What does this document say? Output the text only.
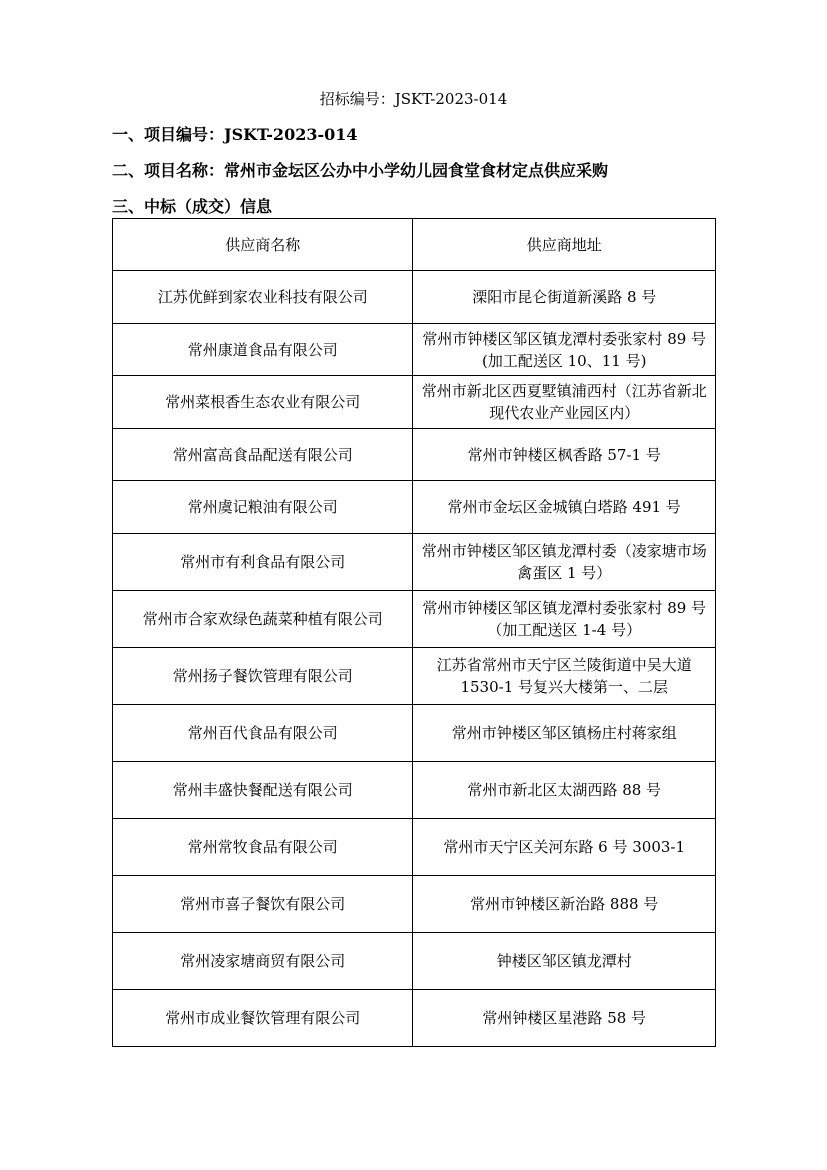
招标编号：JSKT-2023-014
一、项目编号：JSKT-2023-014
二、项目名称：常州市金坛区公办中小学幼儿园食堂食材定点供应采购
三、中标（成交）信息
供应商名称	供应商地址
江苏优鲜到家农业科技有限公司	溧阳市昆仑街道新溪路 8 号
常州康道食品有限公司	常州市钟楼区邹区镇龙潭村委张家村 89 号(加工配送区 10、11 号)
常州菜根香生态农业有限公司	常州市新北区西夏墅镇浦西村（江苏省新北现代农业产业园区内）
常州富高食品配送有限公司	常州市钟楼区枫香路 57-1 号
常州虞记粮油有限公司	常州市金坛区金城镇白塔路 491 号
常州市有利食品有限公司	常州市钟楼区邹区镇龙潭村委（凌家塘市场禽蛋区 1 号）
常州市合家欢绿色蔬菜种植有限公司	常州市钟楼区邹区镇龙潭村委张家村 89 号（加工配送区 1-4 号）
常州扬子餐饮管理有限公司	江苏省常州市天宁区兰陵街道中吴大道 1530-1 号复兴大楼第一、二层
常州百代食品有限公司	常州市钟楼区邹区镇杨庄村蒋家组
常州丰盛快餐配送有限公司	常州市新北区太湖西路 88 号
常州常牧食品有限公司	常州市天宁区关河东路 6 号 3003-1
常州市喜子餐饮有限公司	常州市钟楼区新治路 888 号
常州凌家塘商贸有限公司	钟楼区邹区镇龙潭村
常州市成业餐饮管理有限公司	常州钟楼区星港路 58 号
